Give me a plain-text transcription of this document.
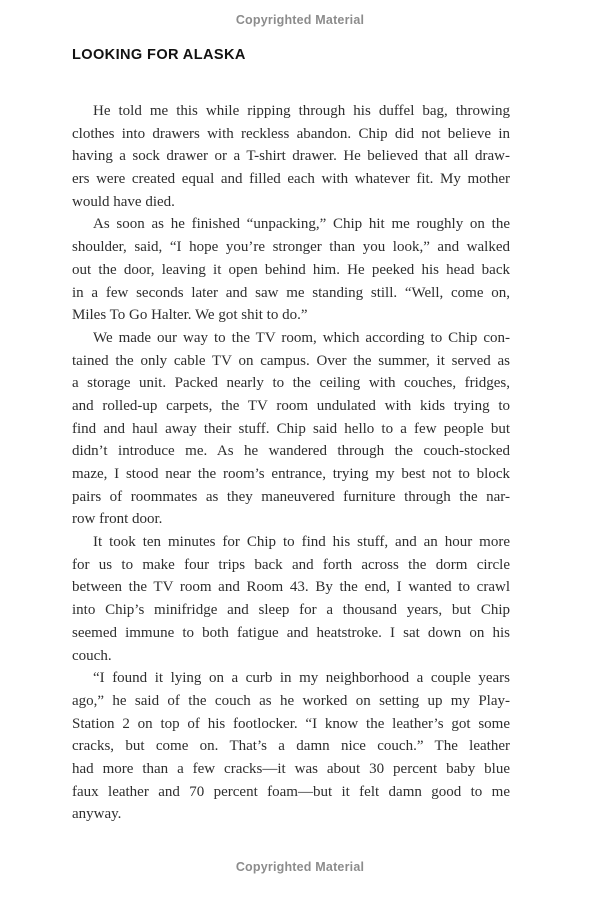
Copyrighted Material
LOOKING FOR ALASKA
He told me this while ripping through his duffel bag, throwing
clothes into drawers with reckless abandon. Chip did not believe in
having a sock drawer or a T-shirt drawer. He believed that all draw-
ers were created equal and filled each with whatever fit. My mother
would have died.
As soon as he finished “unpacking,” Chip hit me roughly on the
shoulder, said, “I hope you’re stronger than you look,” and walked
out the door, leaving it open behind him. He peeked his head back
in a few seconds later and saw me standing still. “Well, come on,
Miles To Go Halter. We got shit to do.”
We made our way to the TV room, which according to Chip con-
tained the only cable TV on campus. Over the summer, it served as
a storage unit. Packed nearly to the ceiling with couches, fridges,
and rolled-up carpets, the TV room undulated with kids trying to
find and haul away their stuff. Chip said hello to a few people but
didn’t introduce me. As he wandered through the couch-stocked
maze, I stood near the room’s entrance, trying my best not to block
pairs of roommates as they maneuvered furniture through the nar-
row front door.
It took ten minutes for Chip to find his stuff, and an hour more
for us to make four trips back and forth across the dorm circle
between the TV room and Room 43. By the end, I wanted to crawl
into Chip’s minifridge and sleep for a thousand years, but Chip
seemed immune to both fatigue and heatstroke. I sat down on his
couch.
“I found it lying on a curb in my neighborhood a couple years
ago,” he said of the couch as he worked on setting up my Play-
Station 2 on top of his footlocker. “I know the leather’s got some
cracks, but come on. That’s a damn nice couch.” The leather
had more than a few cracks—it was about 30 percent baby blue
faux leather and 70 percent foam—but it felt damn good to me
anyway.
Copyrighted Material
